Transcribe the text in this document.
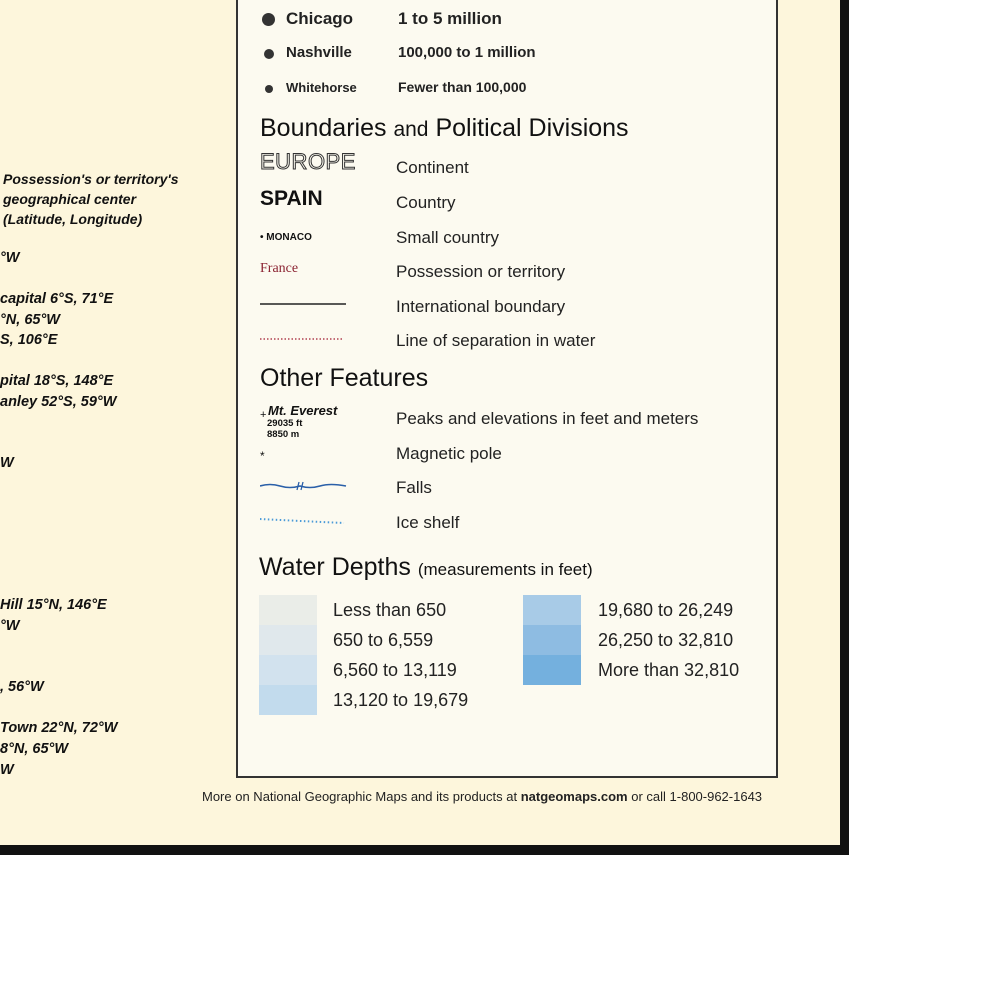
Possession's or territory's
geographical center
(Latitude, Longitude)
°W
capital 6°S, 71°E
°N, 65°W
S, 106°E
pital 18°S, 148°E
anley 52°S, 59°W
W
Hill 15°N, 146°E
°W
, 56°W
Town 22°N, 72°W
8°N, 65°W
W
Chicago	1 to 5 million
Nashville	100,000 to 1 million
Whitehorse	Fewer than 100,000
Boundaries and Political Divisions
EUROPE Continent
SPAIN	Country
• MONACO	Small country
France	Possession or territory
International boundary
Line of separation in water
Other Features
+ Mt. Everest
29035 ft
8850 m
Peaks and elevations in feet and meters
*	Magnetic pole
Falls
Ice shelf
Water Depths (measurements in feet)
Less than 650
650 to 6,559
6,560 to 13,119
13,120 to 19,679
19,680 to 26,249
26,250 to 32,810
More than 32,810
More on National Geographic Maps and its products at natgeomaps.com or call 1-800-962-1643
